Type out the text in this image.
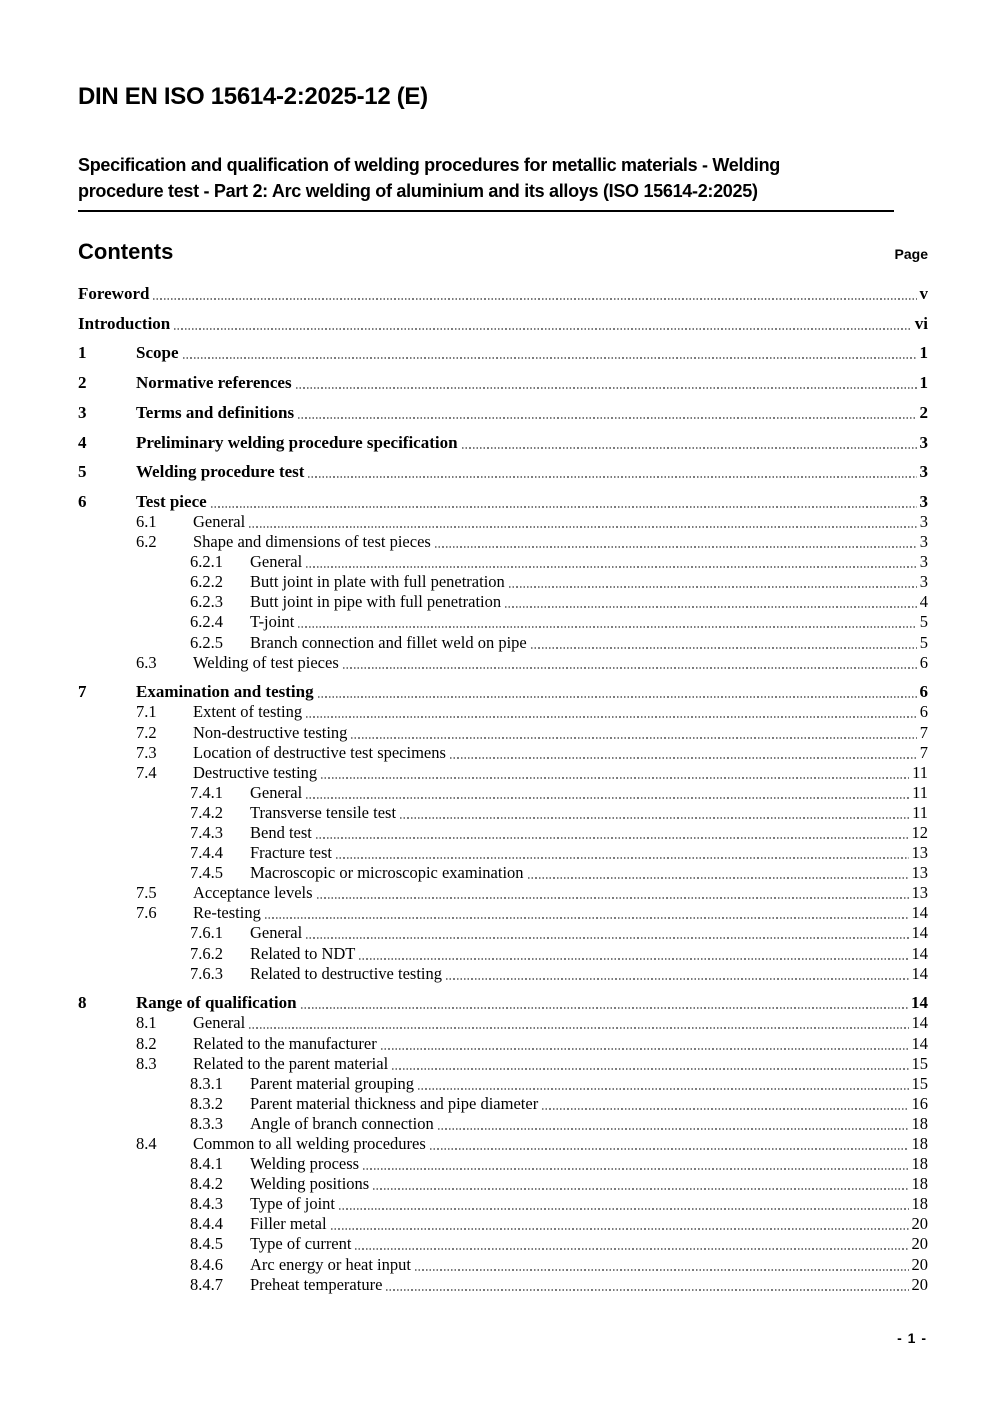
DIN EN ISO 15614-2:2025-12 (E)
Specification and qualification of welding procedures for metallic materials - Welding
procedure test - Part 2: Arc welding of aluminium and its alloys (ISO 15614-2:2025)
Contents	Page
Foreword	v
Introduction	vi
1	Scope	1
2	Normative references	1
3	Terms and definitions	2
4	Preliminary welding procedure specification	3
5	Welding procedure test	3
6	Test piece	3
6.1	General	3
6.2	Shape and dimensions of test pieces	3
6.2.1	General	3
6.2.2	Butt joint in plate with full penetration	3
6.2.3	Butt joint in pipe with full penetration	4
6.2.4	T-joint	5
6.2.5	Branch connection and fillet weld on pipe	5
6.3	Welding of test pieces	6
7	Examination and testing	6
7.1	Extent of testing	6
7.2	Non-destructive testing	7
7.3	Location of destructive test specimens	7
7.4	Destructive testing	11
7.4.1	General	11
7.4.2	Transverse tensile test	11
7.4.3	Bend test	12
7.4.4	Fracture test	13
7.4.5	Macroscopic or microscopic examination	13
7.5	Acceptance levels	13
7.6	Re-testing	14
7.6.1	General	14
7.6.2	Related to NDT	14
7.6.3	Related to destructive testing	14
8	Range of qualification	14
8.1	General	14
8.2	Related to the manufacturer	14
8.3	Related to the parent material	15
8.3.1	Parent material grouping	15
8.3.2	Parent material thickness and pipe diameter	16
8.3.3	Angle of branch connection	18
8.4	Common to all welding procedures	18
8.4.1	Welding process	18
8.4.2	Welding positions	18
8.4.3	Type of joint	18
8.4.4	Filler metal	20
8.4.5	Type of current	20
8.4.6	Arc energy or heat input	20
8.4.7	Preheat temperature	20
- 1 -
